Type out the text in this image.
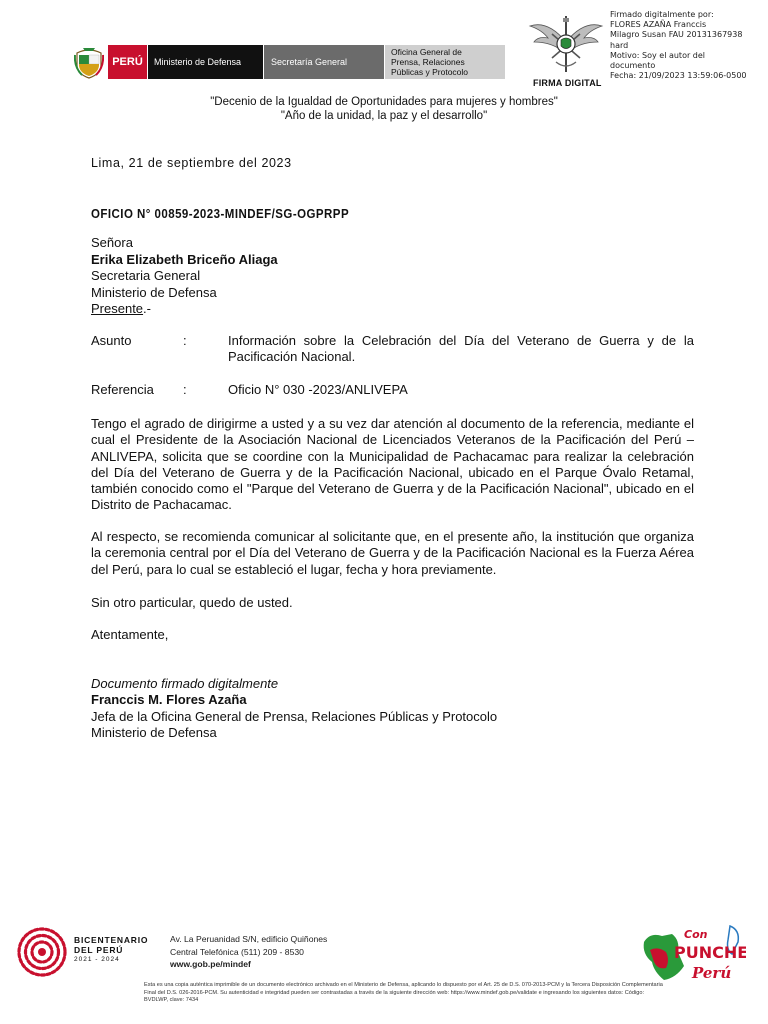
PERÚ	Ministerio de Defensa	Secretaría General
Oficina General de
Prensa, Relaciones
Públicas y Protocolo
FIRMA DIGITAL
Firmado digitalmente por:
FLORES AZAÑA Franccis
Milagro Susan FAU 20131367938
hard
Motivo: Soy el autor del
documento
Fecha: 21/09/2023 13:59:06-0500
"Decenio de la Igualdad de Oportunidades para mujeres y hombres"
"Año de la unidad, la paz y el desarrollo"
Lima, 21 de septiembre del 2023
OFICIO N° 00859-2023-MINDEF/SG-OGPRPP
Señora
Erika Elizabeth Briceño Aliaga
Secretaria General
Ministerio de Defensa
Presente.-
Asunto	:	Información sobre la Celebración del Día del Veterano de Guerra y de la Pacificación Nacional.
Referencia :	Oficio N° 030 -2023/ANLIVEPA
Tengo el agrado de dirigirme a usted y a su vez dar atención al documento de la referencia, mediante el cual el Presidente de la Asociación Nacional de Licenciados Veteranos de la Pacificación del Perú – ANLIVEPA, solicita que se coordine con la Municipalidad de Pachacamac para realizar la celebración del Día del Veterano de Guerra y de la Pacificación Nacional, ubicado en el Parque Óvalo Retamal, también conocido como el "Parque del Veterano de Guerra y de la Pacificación Nacional", ubicado en el Distrito de Pachacamac.
Al respecto, se recomienda comunicar al solicitante que, en el presente año, la institución que organiza la ceremonia central por el Día del Veterano de Guerra y de la Pacificación Nacional es la Fuerza Aérea del Perú, para lo cual se estableció el lugar, fecha y hora previamente.
Sin otro particular, quedo de usted.
Atentamente,
Documento firmado digitalmente
Franccis M. Flores Azaña
Jefa de la Oficina General de Prensa, Relaciones Públicas y Protocolo
Ministerio de Defensa
BICENTENARIO
DEL PERÚ
2021 - 2024
Av. La Peruanidad S/N, edificio Quiñones
Central Telefónica (511) 209 - 8530
www.gob.pe/mindef
Con
PUNCHE
Perú
Esta es una copia auténtica imprimible de un documento electrónico archivado en el Ministerio de Defensa, aplicando lo dispuesto por el Art. 25 de D.S. 070-2013-PCM y la Tercera Disposición Complementaria Final del D.S. 026-2016-PCM. Su autenticidad e integridad pueden ser contrastadas a través de la siguiente dirección web: https://www.mindef.gob.pe/validate e ingresando los siguientes datos: Código: BVDLWP, clave: 7434
